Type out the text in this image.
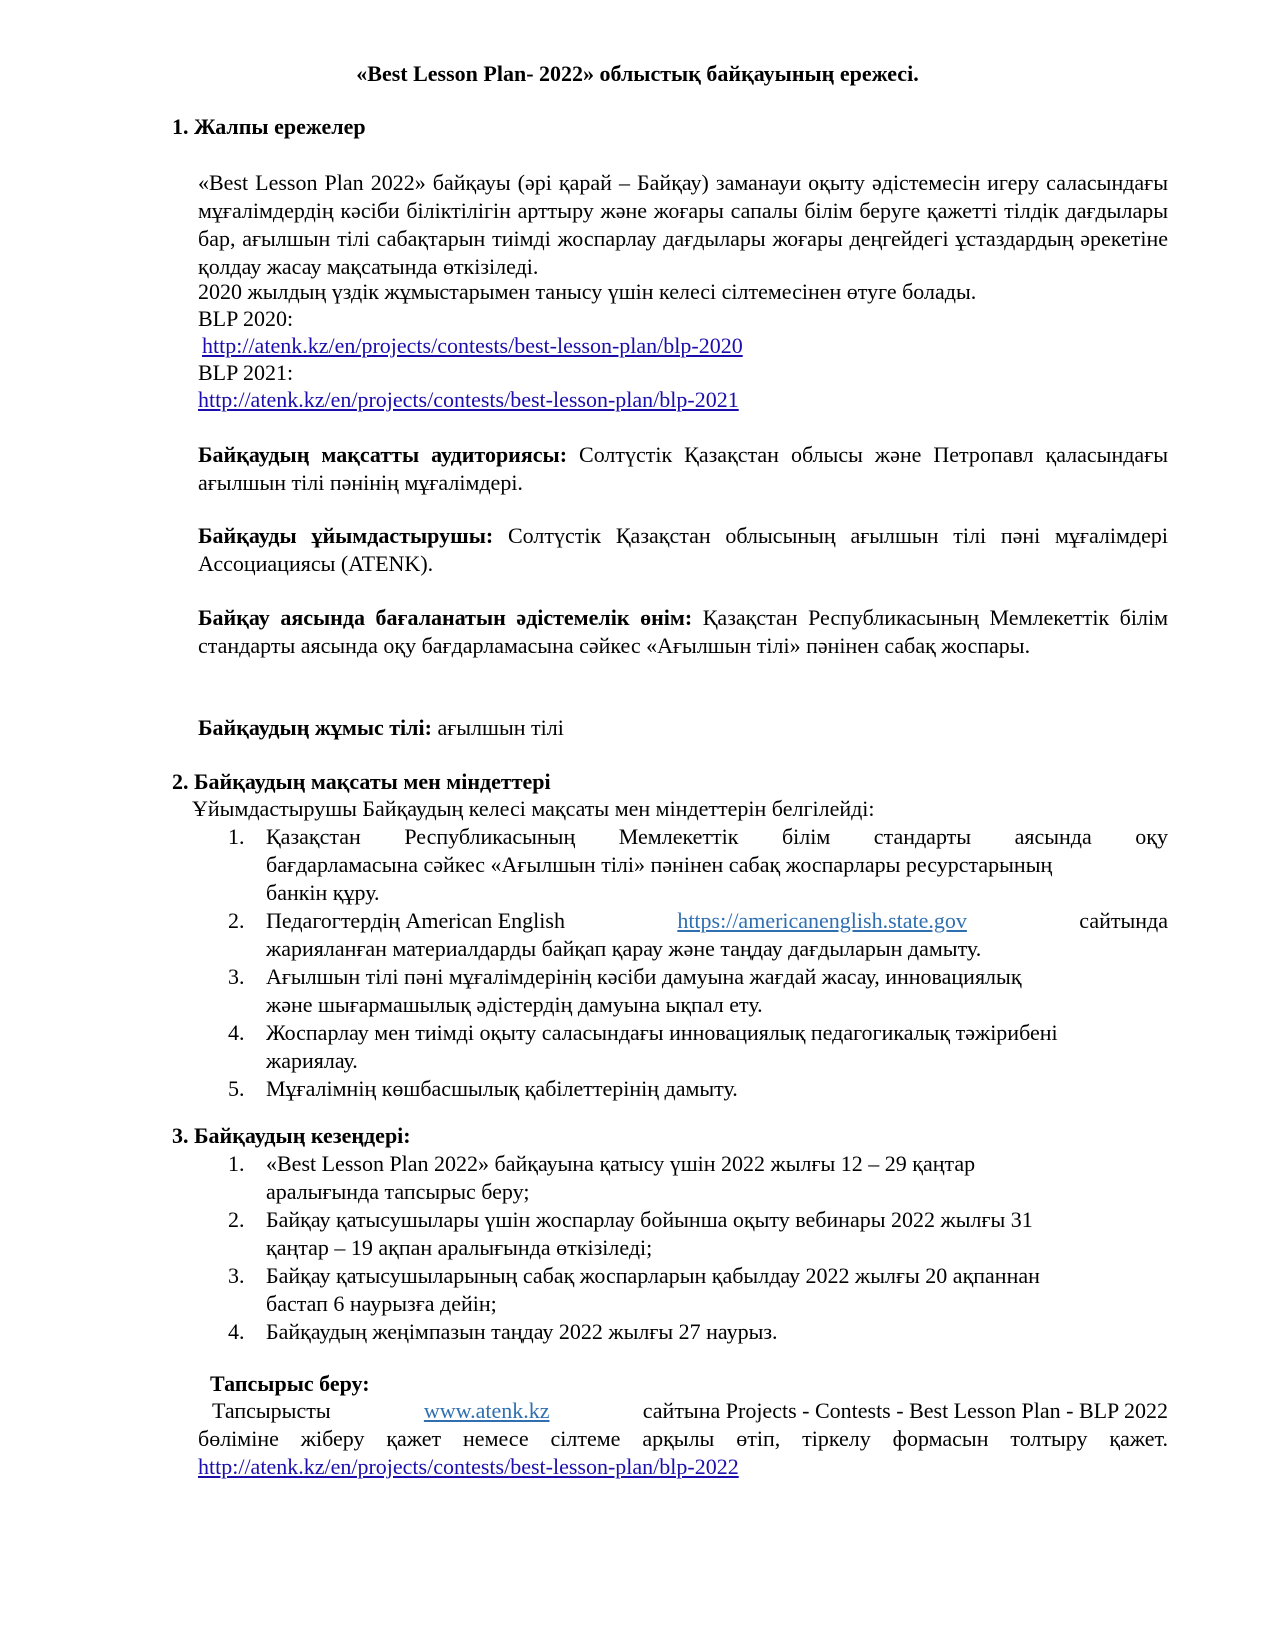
«Best Lesson Plan- 2022» облыстық байқауының ережесі.
1. Жалпы ережелер
«Best Lesson Plan 2022» байқауы (әрі қарай – Байқау) заманауи оқыту әдістемесін игеру саласындағы мұғалімдердің кәсіби біліктілігін арттыру және жоғары сапалы білім беруге қажетті тілдік дағдылары бар, ағылшын тілі сабақтарын тиімді жоспарлау дағдылары жоғары деңгейдегі ұстаздардың әрекетіне қолдау жасау мақсатында өткізіледі.
2020 жылдың үздік жұмыстарымен танысу үшін келесі сілтемесінен өтуге болады.
BLP 2020:
http://atenk.kz/en/projects/contests/best-lesson-plan/blp-2020
BLP 2021:
http://atenk.kz/en/projects/contests/best-lesson-plan/blp-2021
Байқаудың мақсатты аудиториясы: Солтүстік Қазақстан облысы және Петропавл қаласындағы ағылшын тілі пәнінің мұғалімдері.
Байқауды ұйымдастырушы: Солтүстік Қазақстан облысының ағылшын тілі пәні мұғалімдері Ассоциациясы (ATENK).
Байқау аясында бағаланатын әдістемелік өнім: Қазақстан Республикасының Мемлекеттік білім стандарты аясында оқу бағдарламасына сәйкес «Ағылшын тілі» пәнінен сабақ жоспары.
Байқаудың жұмыс тілі: ағылшын тілі
2. Байқаудың мақсаты мен міндеттері
Ұйымдастырушы Байқаудың келесі мақсаты мен міндеттерін белгілейді:
1. Қазақстан Республикасының Мемлекеттік білім стандарты аясында оқу
бағдарламасына сәйкес «Ағылшын тілі» пәнінен сабақ жоспарлары ресурстарының
банкін құру.
2. Педагогтердің American English	https://americanenglish.state.gov	сайтында
жарияланған материалдарды байқап қарау және таңдау дағдыларын дамыту.
3. Ағылшын тілі пәні мұғалімдерінің кәсіби дамуына жағдай жасау, инновациялық
және шығармашылық әдістердің дамуына ықпал ету.
4. Жоспарлау мен тиімді оқыту саласындағы инновациялық педагогикалық тәжірибені
жариялау.
5. Мұғалімнің көшбасшылық қабілеттерінің дамыту.
3. Байқаудың кезеңдері:
1. «Best Lesson Plan 2022» байқауына қатысу үшін 2022 жылғы 12 – 29 қаңтар
аралығында тапсырыс беру;
2. Байқау қатысушылары үшін жоспарлау бойынша оқыту вебинары 2022 жылғы 31
қаңтар – 19 ақпан аралығында өткізіледі;
3. Байқау қатысушыларының сабақ жоспарларын қабылдау 2022 жылғы 20 ақпаннан
бастап 6 наурызға дейін;
4. Байқаудың жеңімпазын таңдау 2022 жылғы 27 наурыз.
Тапсырыс беру:
Тапсырысты	www.atenk.kz	сайтына Projects - Contests - Best Lesson Plan - BLP 2022
бөліміне жіберу қажет немесе сілтеме арқылы өтіп, тіркелу формасын толтыру қажет.
http://atenk.kz/en/projects/contests/best-lesson-plan/blp-2022
